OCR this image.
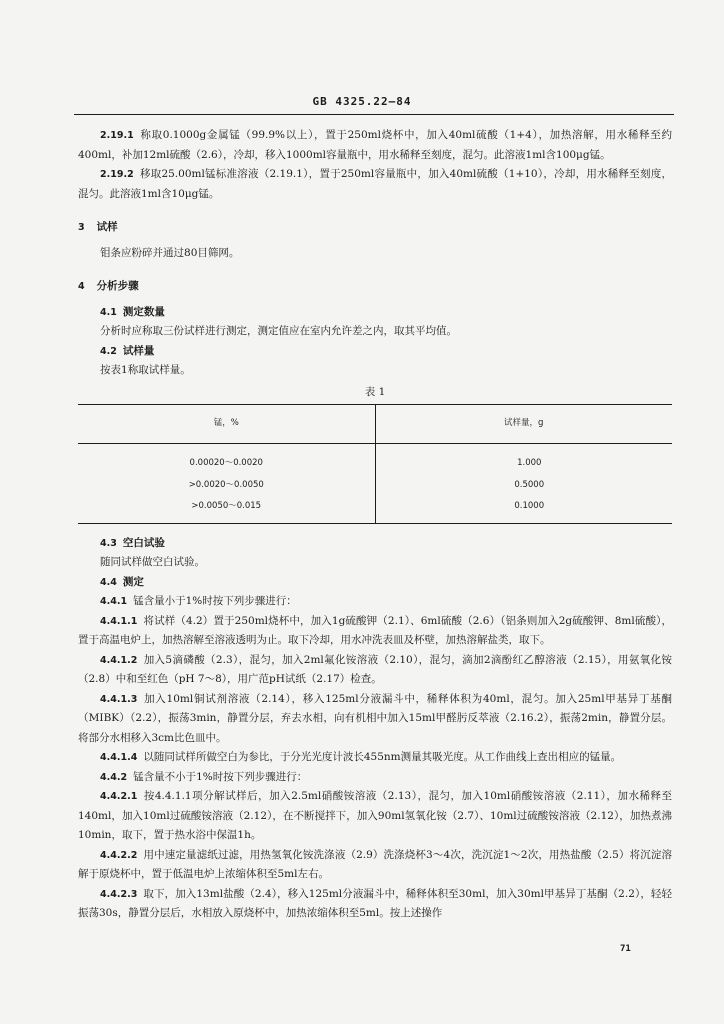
GB 4325.22—84

2.19.1 称取0.1000g金属锰（99.9%以上），置于250ml烧杯中，加入40ml硫酸（1+4），加热溶解，用水稀释至约400ml，补加12ml硫酸（2.6），冷却，移入1000ml容量瓶中，用水稀释至刻度，混匀。此溶液1ml含100μg锰。

2.19.2 移取25.00ml锰标准溶液（2.19.1），置于250ml容量瓶中，加入40ml硫酸（1+10），冷却，用水稀释至刻度，混匀。此溶液1ml含10μg锰。

3 试样

钼条应粉碎并通过80目筛网。

4 分析步骤

4.1 测定数量

分析时应称取三份试样进行测定，测定值应在室内允许差之内，取其平均值。

4.2 试样量

按表1称取试样量。

表 1
锰，%	试样量，g
0.00020～0.0020	1.000
>0.0020～0.0050	0.5000
>0.0050～0.015	0.1000

4.3 空白试验

随同试样做空白试验。

4.4 测定

4.4.1 锰含量小于1%时按下列步骤进行：

4.4.1.1 将试样（4.2）置于250ml烧杯中，加入1g硫酸钾（2.1）、6ml硫酸（2.6）（铝条则加入2g硫酸钾、8ml硫酸），置于高温电炉上，加热溶解至溶液透明为止。取下冷却，用水冲洗表皿及杯壁，加热溶解盐类，取下。

4.4.1.2 加入5滴磷酸（2.3），混匀，加入2ml氟化铵溶液（2.10），混匀，滴加2滴酚红乙醇溶液（2.15），用氨氧化铵（2.8）中和至红色（pH 7～8），用广范pH试纸（2.17）检查。

4.4.1.3 加入10ml铜试剂溶液（2.14），移入125ml分液漏斗中，稀释体积为40ml，混匀。加入25ml甲基异丁基酮（MIBK）（2.2），振荡3min，静置分层，弃去水相，向有机相中加入15ml甲醛肟反萃液（2.16.2），振荡2min，静置分层。将部分水相移入3cm比色皿中。

4.4.1.4 以随同试样所做空白为参比，于分光光度计波长455nm测量其吸光度。从工作曲线上查出相应的锰量。

4.4.2 锰含量不小于1%时按下列步骤进行：

4.4.2.1 按4.4.1.1项分解试样后，加入2.5ml硝酸铵溶液（2.13），混匀，加入10ml硝酸铵溶液（2.11），加水稀释至140ml，加入10ml过硫酸铵溶液（2.12），在不断搅拌下，加入90ml氢氧化铵（2.7）、10ml过硫酸铵溶液（2.12），加热煮沸10min，取下，置于热水浴中保温1h。

4.4.2.2 用中速定量滤纸过滤，用热氢氧化铵洗涤液（2.9）洗涤烧杯3～4次，洗沉淀1～2次，用热盐酸（2.5）将沉淀溶解于原烧杯中，置于低温电炉上浓缩体积至5ml左右。

4.4.2.3 取下，加入13ml盐酸（2.4），移入125ml分液漏斗中，稀释体积至30ml，加入30ml甲基异丁基酮（2.2），轻轻振荡30s，静置分层后，水相放入原烧杯中，加热浓缩体积至5ml。按上述操作

71
